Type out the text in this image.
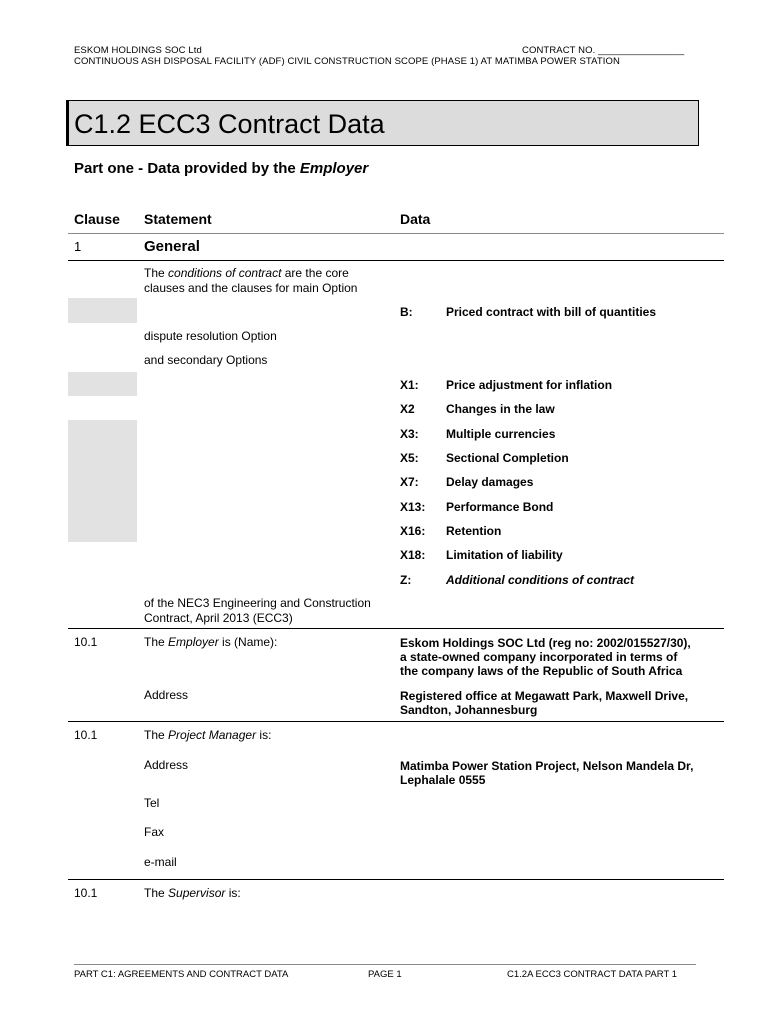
ESKOM HOLDINGS SOC Ltd	CONTRACT NO. ________________
CONTINUOUS ASH DISPOSAL FACILITY (ADF) CIVIL CONSTRUCTION SCOPE (PHASE 1) AT MATIMBA POWER STATION
C1.2 ECC3 Contract Data
Part one - Data provided by the Employer
Clause Statement	Data
1	General
The conditions of contract are the core
clauses and the clauses for main Option
B:	Priced contract with bill of quantities
dispute resolution Option
and secondary Options
X1: Price adjustment for inflation
X2	Changes in the law
X3: Multiple currencies
X5: Sectional Completion
X7: Delay damages
X13: Performance Bond
X16: Retention
X18: Limitation of liability
Z:	Additional conditions of contract
of the NEC3 Engineering and Construction
Contract, April 2013 (ECC3)
10.1	The Employer is (Name):	Eskom Holdings SOC Ltd (reg no: 2002/015527/30),
a state-owned company incorporated in terms of
the company laws of the Republic of South Africa
Address	Registered office at Megawatt Park, Maxwell Drive,
Sandton, Johannesburg
10.1	The Project Manager is:
Address	Matimba Power Station Project, Nelson Mandela Dr,
Lephalale 0555
Tel
Fax
e-mail
10.1	The Supervisor is:
PART C1: AGREEMENTS AND CONTRACT DATA	PAGE 1	C1.2A ECC3 CONTRACT DATA PART 1
